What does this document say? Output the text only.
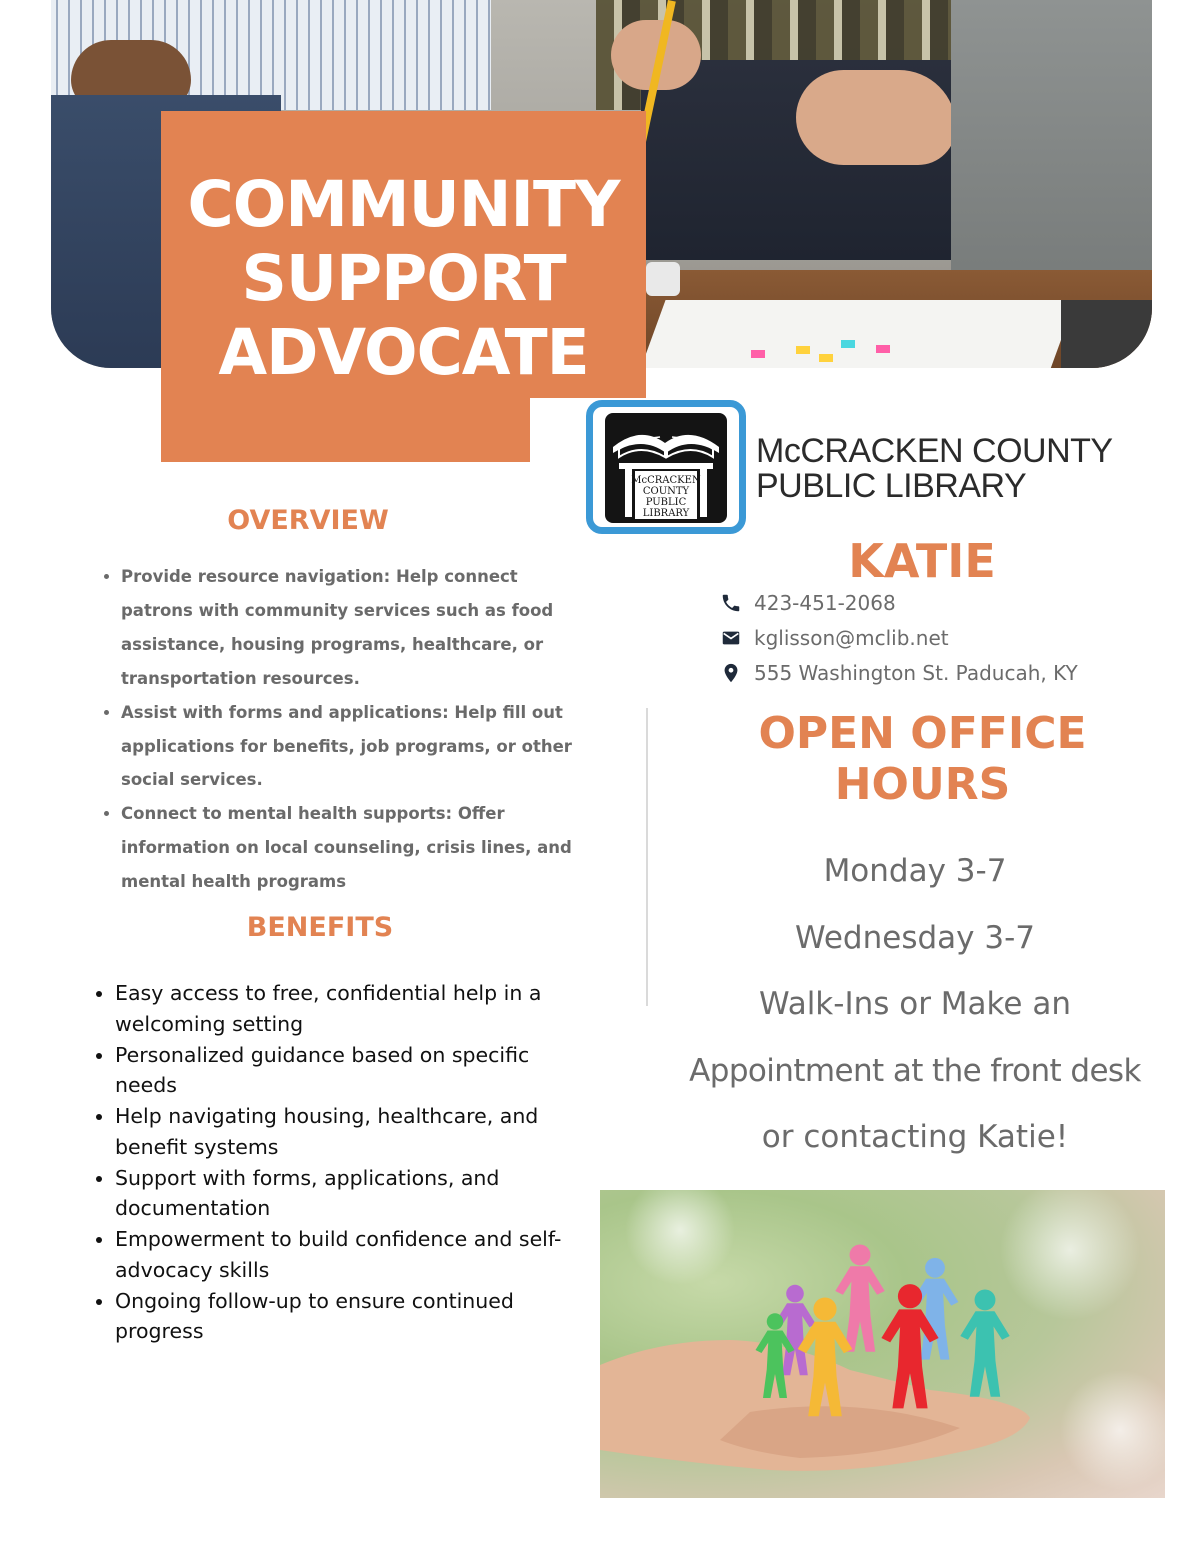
COMMUNITY
SUPPORT
ADVOCATE
McCRACKEN
COUNTY
PUBLIC
LIBRARY

McCRACKEN COUNTY

PUBLIC LIBRARY

OVERVIEW
• Provide resource navigation: Help connect patrons with community services such as food assistance, housing programs, healthcare, or transportation resources.
• Assist with forms and applications: Help fill out applications for benefits, job programs, or other social services.
• Connect to mental health supports: Offer information on local counseling, crisis lines, and mental health programs
BENEFITS
• Easy access to free, confidential help in a welcoming setting
• Personalized guidance based on specific needs
• Help navigating housing, healthcare, and benefit systems
• Support with forms, applications, and documentation
• Empowerment to build confidence and self-advocacy skills
• Ongoing follow-up to ensure continued progress
KATIE
423-451-2068
kglisson@mclib.net
555 Washington St. Paducah, KY
OPEN OFFICE
HOURS

Monday 3-7

Wednesday 3-7

Walk-Ins or Make an

Appointment at the front desk

or contacting Katie!
